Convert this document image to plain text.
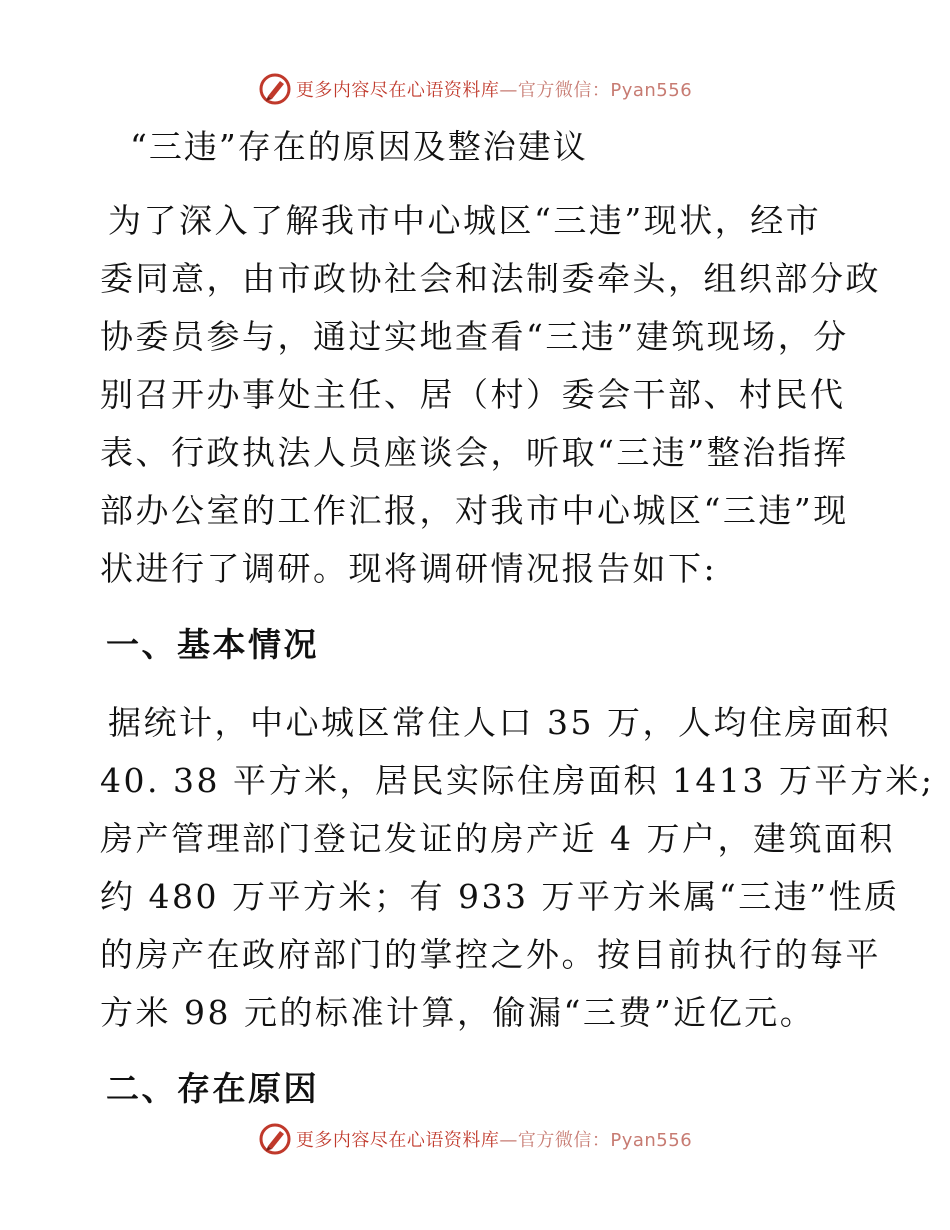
更多内容尽在心语资料库 —官方微信：Pyan556
“三违”存在的原因及整治建议

为了深入了解我市中心城区“三违”现状，经市

委同意，由市政协社会和法制委牵头，组织部分政

协委员参与，通过实地查看“三违”建筑现场，分

别召开办事处主任、居（村）委会干部、村民代

表、行政执法人员座谈会，听取“三违”整治指挥

部办公室的工作汇报，对我市中心城区“三违”现

状进行了调研。现将调研情况报告如下:

一、基本情况

据统计，中心城区常住人口 35 万，人均住房面积

40. 38 平方米，居民实际住房面积 1413 万平方米;

房产管理部门登记发证的房产近 4 万户，建筑面积

约 480 万平方米；有 933 万平方米属“三违”性质

的房产在政府部门的掌控之外。按目前执行的每平

方米 98 元的标准计算，偷漏“三费”近亿元。

二、存在原因
更多内容尽在心语资料库 —官方微信：Pyan556
